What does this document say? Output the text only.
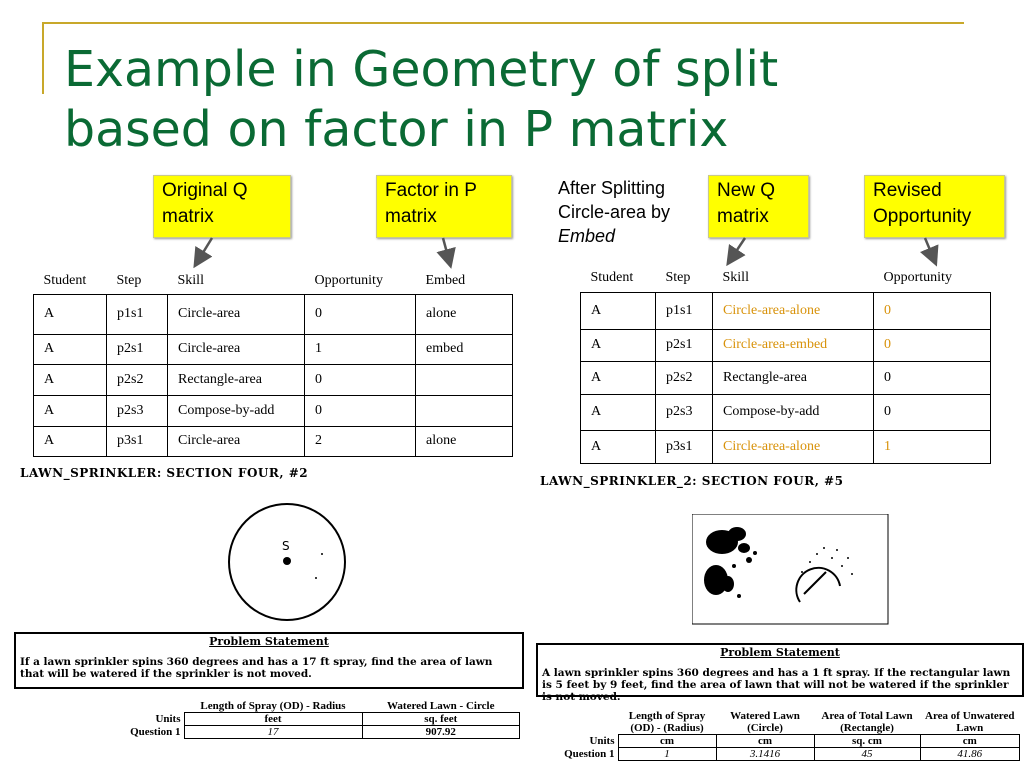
Example in Geometry of split
based on factor in P matrix
Original Q
matrix
Factor in P
matrix
After Splitting
Circle-area by
Embed
New Q
matrix
Revised
Opportunity
Student	Step	Skill	Opportunity	Embed
A	p1s1	Circle-area	0	alone
A	p2s1	Circle-area	1	embed
A	p2s2	Rectangle-area	0	
A	p2s3	Compose-by-add	0	
A	p3s1	Circle-area	2	alone
Student	Step	Skill	Opportunity
A	p1s1	Circle-area-alone	0
A	p2s1	Circle-area-embed	0
A	p2s2	Rectangle-area	0
A	p2s3	Compose-by-add	0
A	p3s1	Circle-area-alone	1
LAWN_SPRINKLER: SECTION FOUR, #2
S
Problem Statement
If a lawn sprinkler spins 360 degrees and has a 17 ft spray, find the area of lawn that will be watered if the sprinkler is not moved.
	Length of Spray (OD) - Radius	Watered Lawn - Circle
Units	feet	sq. feet
Question 1	17	907.92
LAWN_SPRINKLER_2: SECTION FOUR, #5
Problem Statement
A lawn sprinkler spins 360 degrees and has a 1 ft spray. If the rectangular lawn is 5 feet by 9 feet, find the area of lawn that will not be watered if the sprinkler is not moved.
	Length of Spray (OD) - (Radius)	Watered Lawn (Circle)	Area of Total Lawn (Rectangle)	Area of Unwatered Lawn
Units	cm	cm	sq. cm	cm
Question 1	1	3.1416	45	41.86
